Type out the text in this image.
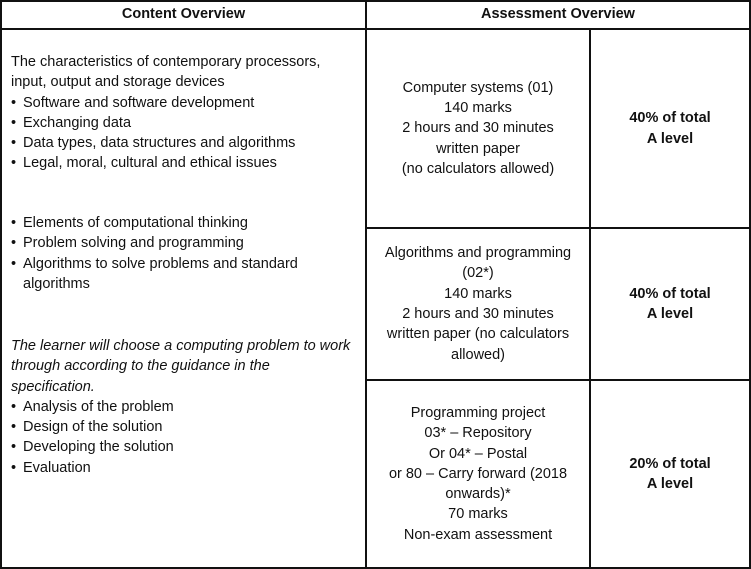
Content Overview	Assessment Overview

The characteristics of contemporary processors, input, output and storage devices

• Software and software development
• Exchanging data
• Data types, data structures and algorithms
• Legal, moral, cultural and ethical issues
• Elements of computational thinking
• Problem solving and programming
• Algorithms to solve problems and standard algorithms

The learner will choose a computing problem to work through according to the guidance in the specification.

• Analysis of the problem
• Design of the solution
• Developing the solution
• Evaluation
Computer systems (01)
140 marks
2 hours and 30 minutes
written paper
(no calculators allowed)
40% of total
A level
Algorithms and programming
(02*)
140 marks
2 hours and 30 minutes
written paper (no calculators
allowed)
40% of total
A level
Programming project
03* – Repository
Or 04* – Postal
or 80 – Carry forward (2018
onwards)*
70 marks
Non-exam assessment
20% of total
A level
